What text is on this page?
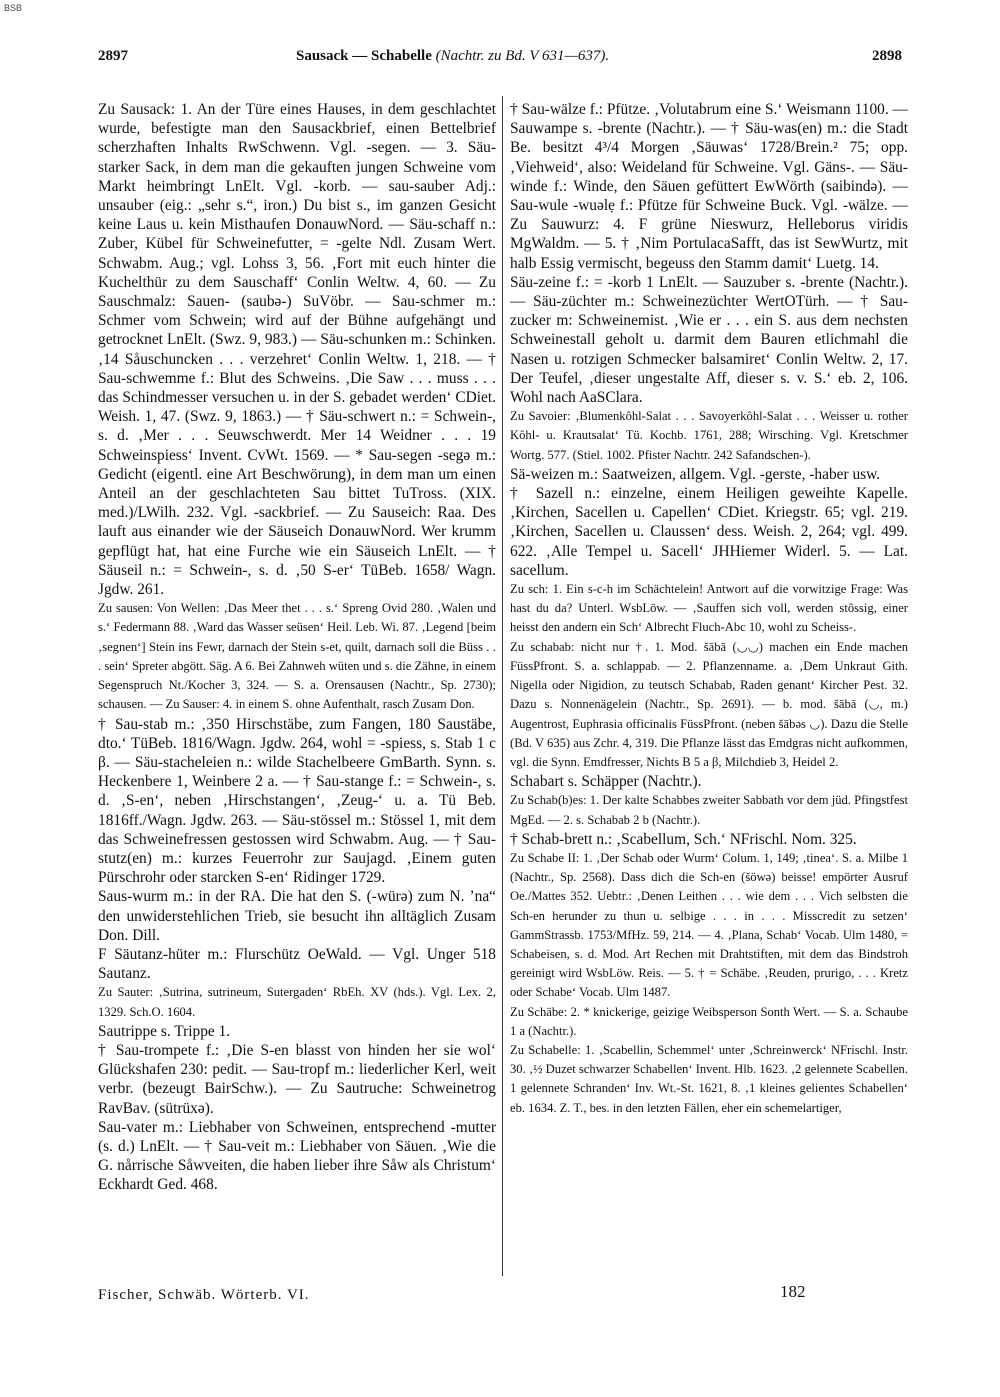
BSB
2897	Sausack — Schabelle (Nachtr. zu Bd. V 631—637).	2898

Zu Sausack: 1. An der Türe eines Hauses, in dem geschlachtet wurde, befestigte man den Sausackbrief, einen Bettelbrief scherzhaften Inhalts RwSchwenn. Vgl. -segen. — 3. Säu- starker Sack, in dem man die gekauften jungen Schweine vom Markt heimbringt LnElt. Vgl. -korb. — sau-sauber Adj.: unsauber (eig.: „sehr s.“, iron.) Du bist s., im ganzen Gesicht keine Laus u. kein Misthaufen DonauwNord. — Säu-schaff n.: Zuber, Kübel für Schweinefutter, = -gelte Ndl. Zusam Wert. Schwabm. Aug.; vgl. Lohss 3, 56. ‚Fort mit euch hinter die Kuchelthür zu dem Sauschaff‘ Conlin Weltw. 4, 60. — Zu Sauschmalz: Sauen- (saubə-) SuVöbr. — Sau-schmer m.: Schmer vom Schwein; wird auf der Bühne aufgehängt und getrocknet LnElt. (Swz. 9, 983.) — Säu-schunken m.: Schinken. ‚14 Såuschuncken . . . verzehret‘ Conlin Weltw. 1, 218. — † Sau-schwemme f.: Blut des Schweins. ‚Die Saw . . . muss . . . das Schindmesser versuchen u. in der S. gebadet werden‘ CDiet. Weish. 1, 47. (Swz. 9, 1863.) — † Säu-schwert n.: = Schwein-, s. d. ‚Mer . . . Seuwschwerdt. Mer 14 Weidner . . . 19 Schweinspiess‘ Invent. CvWt. 1569. — * Sau-segen -segə m.: Gedicht (eigentl. eine Art Beschwörung), in dem man um einen Anteil an der geschlachteten Sau bittet TuTross. (XIX. med.)/LWilh. 232. Vgl. -sackbrief. — Zu Sauseich: Raa. Des lauft aus einander wie der Säuseich DonauwNord. Wer krumm gepflügt hat, hat eine Furche wie ein Säuseich LnElt. — † Säuseil n.: = Schwein-, s. d. ‚50 S-er‘ TüBeb. 1658/ Wagn. Jgdw. 261.

Zu sausen: Von Wellen: ‚Das Meer thet . . . s.‘ Spreng Ovid 280. ‚Walen und s.‘ Federmann 88. ‚Ward das Wasser seüsen‘ Heil. Leb. Wi. 87. ‚Legend [beim ‚segnen‘] Stein ins Fewr, darnach der Stein s-et, quilt, darnach soll die Büss . . . sein‘ Spreter abgött. Säg. A 6. Bei Zahnweh wüten und s. die Zähne, in einem Segenspruch Nt./Kocher 3, 324. — S. a. Orensausen (Nachtr., Sp. 2730); schausen. — Zu Sauser: 4. in einem S. ohne Aufenthalt, rasch Zusam Don.

† Sau-stab m.: ‚350 Hirschstäbe, zum Fangen, 180 Saustäbe, dto.‘ TüBeb. 1816/Wagn. Jgdw. 264, wohl = -spiess, s. Stab 1 c β. — Säu-stacheleien n.: wilde Stachelbeere GmBarth. Synn. s. Heckenbere 1, Weinbere 2 a. — † Sau-stange f.: = Schwein-, s. d. ‚S-en‘, neben ‚Hirschstangen‘, ‚Zeug-‘ u. a. Tü Beb. 1816ff./Wagn. Jgdw. 263. — Säu-stössel m.: Stössel 1, mit dem das Schweinefressen gestossen wird Schwabm. Aug. — † Sau-stutz(en) m.: kurzes Feuerrohr zur Saujagd. ‚Einem guten Pürschrohr oder starcken S-en‘ Ridinger 1729.

Saus-wurm m.: in der RA. Die hat den S. (-würə) zum N. ’na“ den unwiderstehlichen Trieb, sie besucht ihn alltäglich Zusam Don. Dill.

F Säutanz-hüter m.: Flurschütz OeWald. — Vgl. Unger 518 Sautanz.

Zu Sauter: ‚Sutrina, sutrineum, Sutergaden‘ RbEh. XV (hds.). Vgl. Lex. 2, 1329. Sch.O. 1604.

Sautrippe s. Trippe 1.

† Sau-trompete f.: ‚Die S-en blasst von hinden her sie wol‘ Glückshafen 230: pedit. — Sau-tropf m.: liederlicher Kerl, weit verbr. (bezeugt BairSchw.). — Zu Sautruche: Schweinetrog RavBav. (sütrüxə).

Sau-vater m.: Liebhaber von Schweinen, entsprechend -mutter (s. d.) LnElt. — † Sau-veit m.: Liebhaber von Säuen. ‚Wie die G. nårrische Såwveiten, die haben lieber ihre Såw als Christum‘ Eckhardt Ged. 468.

† Sau-wälze f.: Pfütze. ‚Volutabrum eine S.‘ Weismann 1100. — Sauwampe s. -brente (Nachtr.). — † Säu-was(en) m.: die Stadt Be. besitzt 4³/4 Morgen ‚Säuwas‘ 1728/Brein.² 75; opp. ‚Viehweid‘, also: Weideland für Schweine. Vgl. Gäns-. — Säu-winde f.: Winde, den Säuen gefüttert EwWörth (saibində). — Sau-wule -wuəlẹ f.: Pfütze für Schweine Buck. Vgl. -wälze. — Zu Sauwurz: 4. F grüne Nieswurz, Helleborus viridis MgWaldm. — 5. † ‚Nim PortulacaSafft, das ist SewWurtz, mit halb Essig vermischt, begeuss den Stamm damit‘ Luetg. 14.

Säu-zeine f.: = -korb 1 LnElt. — Sauzuber s. -brente (Nachtr.). — Säu-züchter m.: Schweinezüchter WertOTürh. — † Sau-zucker m: Schweinemist. ‚Wie er . . . ein S. aus dem nechsten Schweinestall geholt u. darmit dem Bauren etlichmahl die Nasen u. rotzigen Schmecker balsamiret‘ Conlin Weltw. 2, 17. Der Teufel, ‚dieser ungestalte Aff, dieser s. v. S.‘ eb. 2, 106. Wohl nach AaSClara.

Zu Savoier: ‚Blumenkôhl-Salat . . . Savoyerkôhl-Salat . . . Weisser u. rother Kôhl- u. Krautsalat‘ Tü. Kochb. 1761, 288; Wirsching. Vgl. Kretschmer Wortg. 577. (Stiel. 1002. Pfister Nachtr. 242 Safandschen-).

Sä-weizen m.: Saatweizen, allgem. Vgl. -gerste, -haber usw.

† Sazell n.: einzelne, einem Heiligen geweihte Kapelle. ‚Kirchen, Sacellen u. Capellen‘ CDiet. Kriegstr. 65; vgl. 219. ‚Kirchen, Sacellen u. Claussen‘ dess. Weish. 2, 264; vgl. 499. 622. ‚Alle Tempel u. Sacell‘ JHHiemer Widerl. 5. — Lat. sacellum.

Zu sch: 1. Ein s-c-h im Schächtelein! Antwort auf die vorwitzige Frage: Was hast du da? Unterl. WsbLöw. — ‚Sauffen sich voll, werden stôssig, einer heisst den andern ein Sch‘ Albrecht Fluch-Abc 10, wohl zu Scheiss-.

Zu schabab: nicht nur †. 1. Mod. šābā (◡◡) machen ein Ende machen FüssPfront. S. a. schlappab. — 2. Pflanzenname. a. ‚Dem Unkraut Gith. Nigella oder Nigidion, zu teutsch Schabab, Raden genant‘ Kircher Pest. 32. Dazu s. Nonnenägelein (Nachtr., Sp. 2691). — b. mod. šābā (◡, m.) Augentrost, Euphrasia officinalis FüssPfront. (neben šābəs ◡). Dazu die Stelle (Bd. V 635) aus Zchr. 4, 319. Die Pflanze lässt das Emdgras nicht aufkommen, vgl. die Synn. Emdfresser, Nichts B 5 a β, Milchdieb 3, Heidel 2.

Schabart s. Schäpper (Nachtr.).

Zu Schab(b)es: 1. Der kalte Schabbes zweiter Sabbath vor dem jüd. Pfingstfest MgEd. — 2. s. Schabab 2 b (Nachtr.).

† Schab-brett n.: ‚Scabellum, Sch.‘ NFrischl. Nom. 325.

Zu Schabe II: 1. ‚Der Schab oder Wurm‘ Colum. 1, 149; ‚tinea‘. S. a. Milbe 1 (Nachtr., Sp. 2568). Dass dich die Sch-en (šöwə) beisse! empörter Ausruf Oe./Mattes 352. Uebtr.: ‚Denen Leithen . . . wie dem . . . Vich selbsten die Sch-en herunder zu thun u. selbige . . . in . . . Misscredit zu setzen‘ GammStrassb. 1753/MfHz. 59, 214. — 4. ‚Plana, Schab‘ Vocab. Ulm 1480, = Schabeisen, s. d. Mod. Art Rechen mit Drahtstiften, mit dem das Bindstroh gereinigt wird WsbLöw. Reis. — 5. † = Schäbe. ‚Reuden, prurigo, . . . Kretz oder Schabe‘ Vocab. Ulm 1487.

Zu Schäbe: 2. * knickerige, geizige Weibsperson Sonth Wert. — S. a. Schaube 1 a (Nachtr.).

Zu Schabelle: 1. ‚Scabellin, Schemmel‘ unter ‚Schreinwerck‘ NFrischl. Instr. 30. ‚½ Duzet schwarzer Schabellen‘ Invent. Hlb. 1623. ‚2 gelennete Scabellen. 1 gelennete Schranden‘ Inv. Wt.-St. 1621, 8. ‚1 kleines gelientes Schabellen‘ eb. 1634. Z. T., bes. in den letzten Fällen, eher ein schemelartiger,

Fischer, Schwäb. Wörterb. VI.	182
